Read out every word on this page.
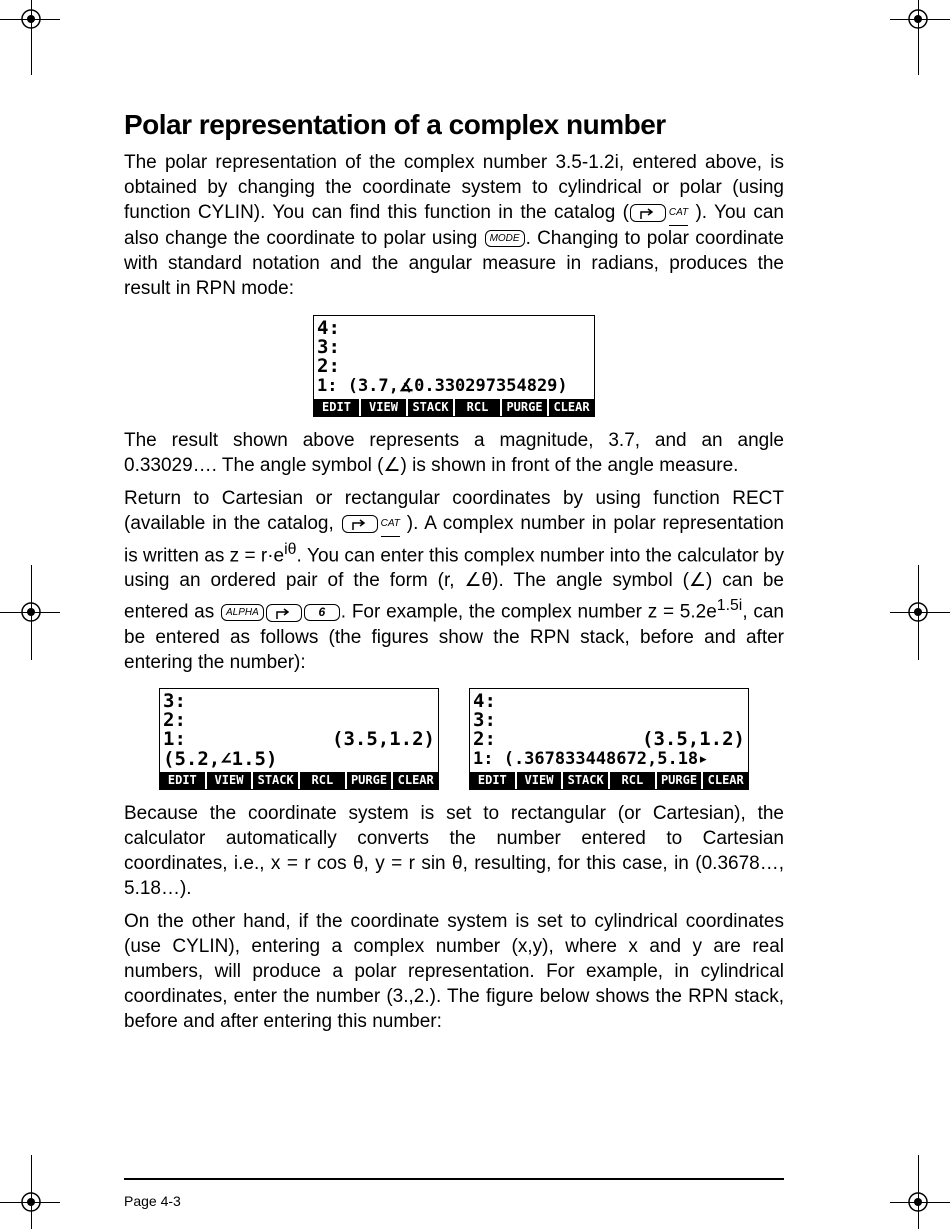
Polar representation of a complex number

The polar representation of the complex number 3.5-1.2i, entered above, is obtained by changing the coordinate system to cylindrical or polar (using function CYLIN). You can find this function in the catalog (	CAT ). You can also change the coordinate to polar using MODE . Changing to polar coordinate with standard notation and the angular measure in radians, produces the result in RPN mode:

4:
3:
2:
1: (3.7,∡0.330297354829)
EDIT	VIEW	STACK	RCL	PURGE CLEAR

The result shown above represents a magnitude, 3.7, and an angle 0.33029…. The angle symbol (∠) is shown in front of the angle measure.

Return to Cartesian or rectangular coordinates by using function RECT (available in the catalog,	CAT ). A complex number in polar representation is written as $z = r\cdot e^{i\theta}$. You can enter this complex number into the calculator by using an ordered pair of the form (r, ∠θ). The angle symbol (∠) can be entered as ALPHA	6 . For example, the complex number $z = 5.2e^{1.5i}$, can be entered as follows (the figures show the RPN stack, before and after entering the number):

3:
2:
1:	(3.5,1.2)
(5.2,∠1.5)
EDIT	VIEW	STACK	RCL	PURGE CLEAR
4:
3:
2:	(3.5,1.2)
1: (.367833448672,5.18▸
EDIT	VIEW	STACK	RCL	PURGE CLEAR

Because the coordinate system is set to rectangular (or Cartesian), the calculator automatically converts the number entered to Cartesian coordinates, i.e., x = r cos θ, y = r sin θ, resulting, for this case, in (0.3678…, 5.18…).

On the other hand, if the coordinate system is set to cylindrical coordinates (use CYLIN), entering a complex number (x,y), where x and y are real numbers, will produce a polar representation. For example, in cylindrical coordinates, enter the number (3.,2.). The figure below shows the RPN stack, before and after entering this number:

Page 4-3
